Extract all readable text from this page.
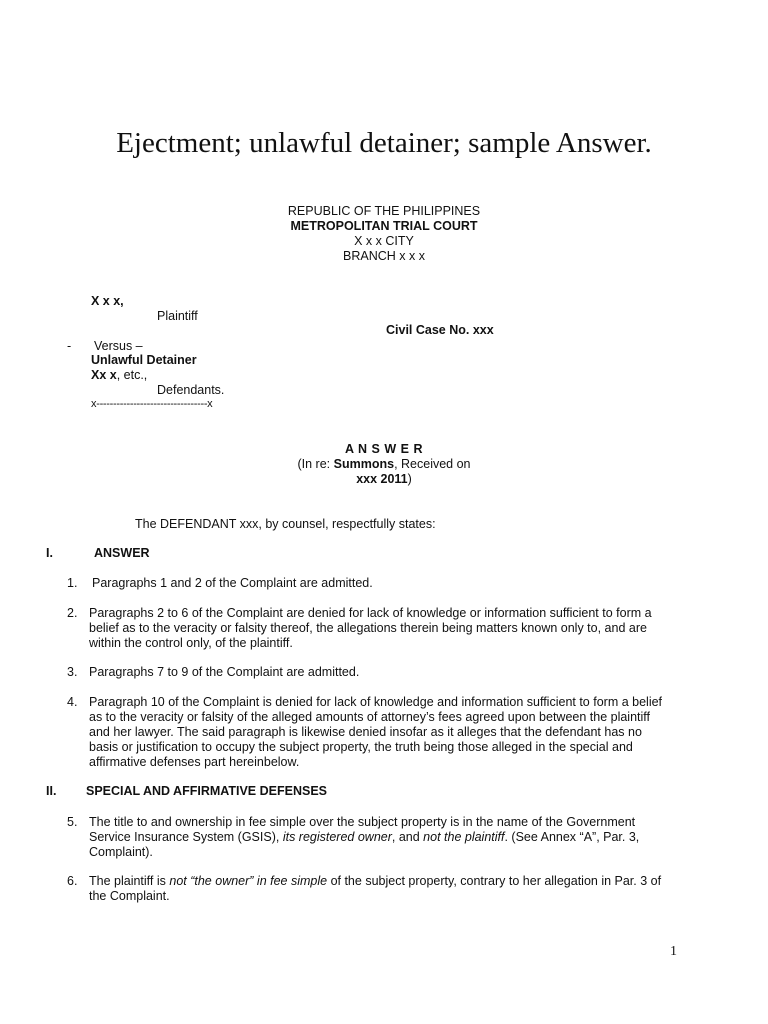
Ejectment; unlawful detainer; sample Answer.
REPUBLIC OF THE PHILIPPINES
METROPOLITAN TRIAL COURT
X x x CITY
BRANCH x x x
X x x,
Plaintiff
Civil Case No. xxx
- Versus –
Unlawful Detainer
Xx x, etc.,
Defendants.
x---------------------------------x
A N S W E R
(In re: Summons, Received on
xxx 2011)
The DEFENDANT xxx, by counsel, respectfully states:
I.	ANSWER
1. Paragraphs 1 and 2 of the Complaint are admitted.
2. Paragraphs 2 to 6 of the Complaint are denied for lack of knowledge or information sufficient to form a
belief as to the veracity or falsity thereof, the allegations therein being matters known only to, and are
within the control only, of the plaintiff.
3. Paragraphs 7 to 9 of the Complaint are admitted.
4. Paragraph 10 of the Complaint is denied for lack of knowledge and information sufficient to form a belief
as to the veracity or falsity of the alleged amounts of attorney’s fees agreed upon between the plaintiff
and her lawyer. The said paragraph is likewise denied insofar as it alleges that the defendant has no
basis or justification to occupy the subject property, the truth being those alleged in the special and
affirmative defenses part hereinbelow.
II. SPECIAL AND AFFIRMATIVE DEFENSES
5. The title to and ownership in fee simple over the subject property is in the name of the Government
Service Insurance System (GSIS), its registered owner, and not the plaintiff. (See Annex “A”, Par. 3,
Complaint).
6. The plaintiff is not “the owner” in fee simple of the subject property, contrary to her allegation in Par. 3 of
the Complaint.
1
